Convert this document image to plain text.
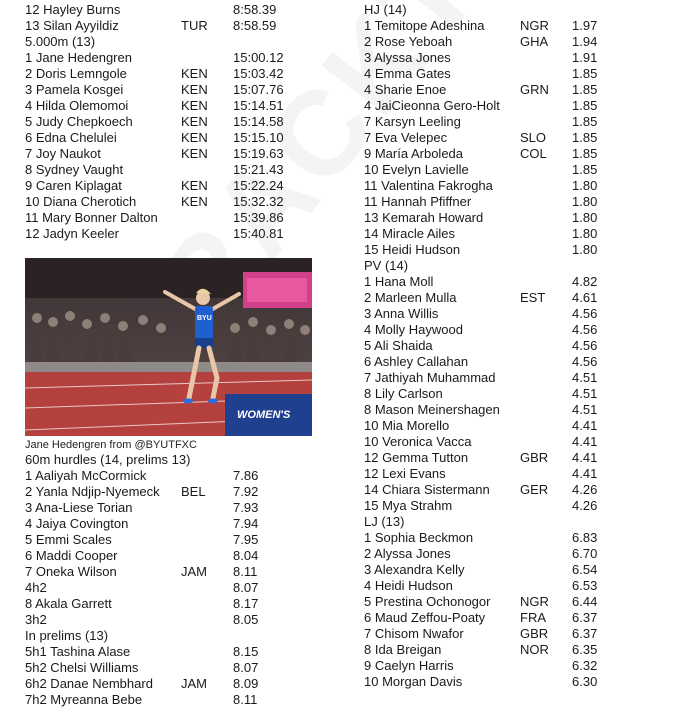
12 Hayley Burns	8:58.39
13 Silan Ayyildiz	TUR 8:58.59
5.000m (13)
1 Jane Hedengren	15:00.12
2 Doris Lemngole	KEN 15:03.42
3 Pamela Kosgei	KEN 15:07.76
4 Hilda Olemomoi	KEN 15:14.51
5 Judy Chepkoech	KEN 15:14.58
6 Edna Chelulei	KEN 15:15.10
7 Joy Naukot	KEN 15:19.63
8 Sydney Vaught	15:21.43
9 Caren Kiplagat	KEN 15:22.24
10 Diana Cherotich	KEN 15:32.32
11 Mary Bonner Dalton	15:39.86
12 Jadyn Keeler	15:40.81
WOMEN'S
BYU
Jane Hedengren from @BYUTFXC
60m hurdles (14, prelims 13)
1 Aaliyah McCormick	7.86
2 Yanla Ndjip-Nyemeck BEL 7.92
3 Ana-Liese Torian	7.93
4 Jaiya Covington	7.94
5 Emmi Scales	7.95
6 Maddi Cooper	8.04
7 Oneka Wilson	JAM 8.11
4h2	8.07
8 Akala Garrett	8.17
3h2	8.05
In prelims (13)
5h1 Tashina Alase	8.15
5h2 Chelsi Williams	8.07
6h2 Danae Nembhard JAM 8.09
7h2 Myreanna Bebe	8.11
HJ (14)
1 Temitope Adeshina	NGR 1.97
2 Rose Yeboah	GHA 1.94
3 Alyssa Jones	1.91
4 Emma Gates	1.85
4 Sharie Enoe	GRN 1.85
4 JaiCieonna Gero-Holt	1.85
7 Karsyn Leeling	1.85
7 Eva Velepec	SLO 1.85
9 María Arboleda	COL 1.85
10 Evelyn Lavielle	1.85
11 Valentina Fakrogha	1.80
11 Hannah Pfiffner	1.80
13 Kemarah Howard	1.80
14 Miracle Ailes	1.80
15 Heidi Hudson	1.80
PV (14)
1 Hana Moll	4.82
2 Marleen Mulla	EST 4.61
3 Anna Willis	4.56
4 Molly Haywood	4.56
5 Ali Shaida	4.56
6 Ashley Callahan	4.56
7 Jathiyah Muhammad	4.51
8 Lily Carlson	4.51
8 Mason Meinershagen	4.51
10 Mia Morello	4.41
10 Veronica Vacca	4.41
12 Gemma Tutton	GBR 4.41
12 Lexi Evans	4.41
14 Chiara Sistermann GER 4.26
15 Mya Strahm	4.26
LJ (13)
1 Sophia Beckmon	6.83
2 Alyssa Jones	6.70
3 Alexandra Kelly	6.54
4 Heidi Hudson	6.53
5 Prestina Ochonogor NGR 6.44
6 Maud Zeffou-Poaty	FRA 6.37
7 Chisom Nwafor	GBR 6.37
8 Ida Breigan	NOR 6.35
9 Caelyn Harris	6.32
10 Morgan Davis	6.30
